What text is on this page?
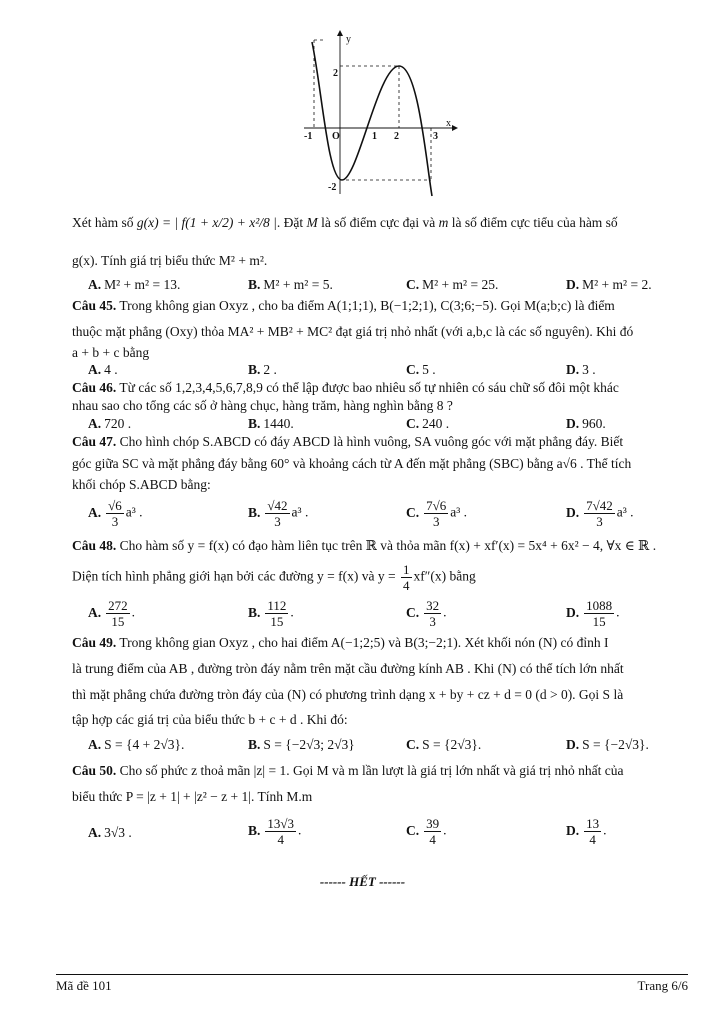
y
x
O
-1	1 2	3
2
-2
Xét hàm số g(x) = | f(1 + x/2) + x²/8 |. Đặt M là số điểm cực đại và m là số điểm cực tiểu của hàm số
g(x). Tính giá trị biểu thức M² + m².
A. M² + m² = 13.	B. M² + m² = 5.	C. M² + m² = 25.	D. M² + m² = 2.
Câu 45. Trong không gian Oxyz , cho ba điểm A(1;1;1), B(−1;2;1), C(3;6;−5). Gọi M(a;b;c) là điểm
thuộc mặt phẳng (Oxy) thỏa MA² + MB² + MC² đạt giá trị nhỏ nhất (với a,b,c là các số nguyên). Khi đó
a + b + c bằng
A. 4 .	B. 2 .	C. 5 .	D. 3 .
Câu 46. Từ các số 1,2,3,4,5,6,7,8,9 có thể lập được bao nhiêu số tự nhiên có sáu chữ số đôi một khác
nhau sao cho tổng các số ở hàng chục, hàng trăm, hàng nghìn bằng 8 ?
A. 720 .	B. 1440.	C. 240 .	D. 960.
Câu 47. Cho hình chóp S.ABCD có đáy ABCD là hình vuông, SA vuông góc với mặt phẳng đáy. Biết
góc giữa SC và mặt phẳng đáy bằng 60° và khoảng cách từ A đến mặt phẳng (SBC) bằng a√6 . Thể tích
khối chóp S.ABCD bằng:
A. $\frac{√6}{3} a^3$ .	B. $\frac{√42}{3} a^3$ .	C. $\frac{7√6}{3} a^3$ .	D. $\frac{7√42}{3} a^3$ .
Câu 48. Cho hàm số y = f(x) có đạo hàm liên tục trên ℝ và thỏa mãn f(x) + xf′(x) = 5x⁴ + 6x² − 4, ∀x ∈ ℝ .
Diện tích hình phẳng giới hạn bởi các đường y = f(x) và $y = \frac{1}{4} xf''(x)$ bằng
A. $\frac{272}{15}$ .	B. $\frac{112}{15}$ .	C. $\frac{32}{3}$ .	D. $\frac{1088}{15}$ .
Câu 49. Trong không gian Oxyz , cho hai điểm A(−1;2;5) và B(3;−2;1). Xét khối nón (N) có đỉnh I
là trung điểm của AB , đường tròn đáy nằm trên mặt cầu đường kính AB . Khi (N) có thể tích lớn nhất
thì mặt phẳng chứa đường tròn đáy của (N) có phương trình dạng x + by + cz + d = 0 (d > 0). Gọi S là
tập hợp các giá trị của biểu thức b + c + d . Khi đó:
A. S = {4 + 2√3}.	B. S = {−2√3; 2√3}	C. S = {2√3}.	D. S = {−2√3}.
Câu 50. Cho số phức z thoả mãn |z| = 1. Gọi M và m lần lượt là giá trị lớn nhất và giá trị nhỏ nhất của
biểu thức P = |z + 1| + |z² − z + 1|. Tính M.m
A. 3√3 .	B. $\frac{13√3}{4}$ .	C. $\frac{39}{4}$ .	D. $\frac{13}{4}$ .
------ HẾT ------
Mã đề 101	Trang 6/6
